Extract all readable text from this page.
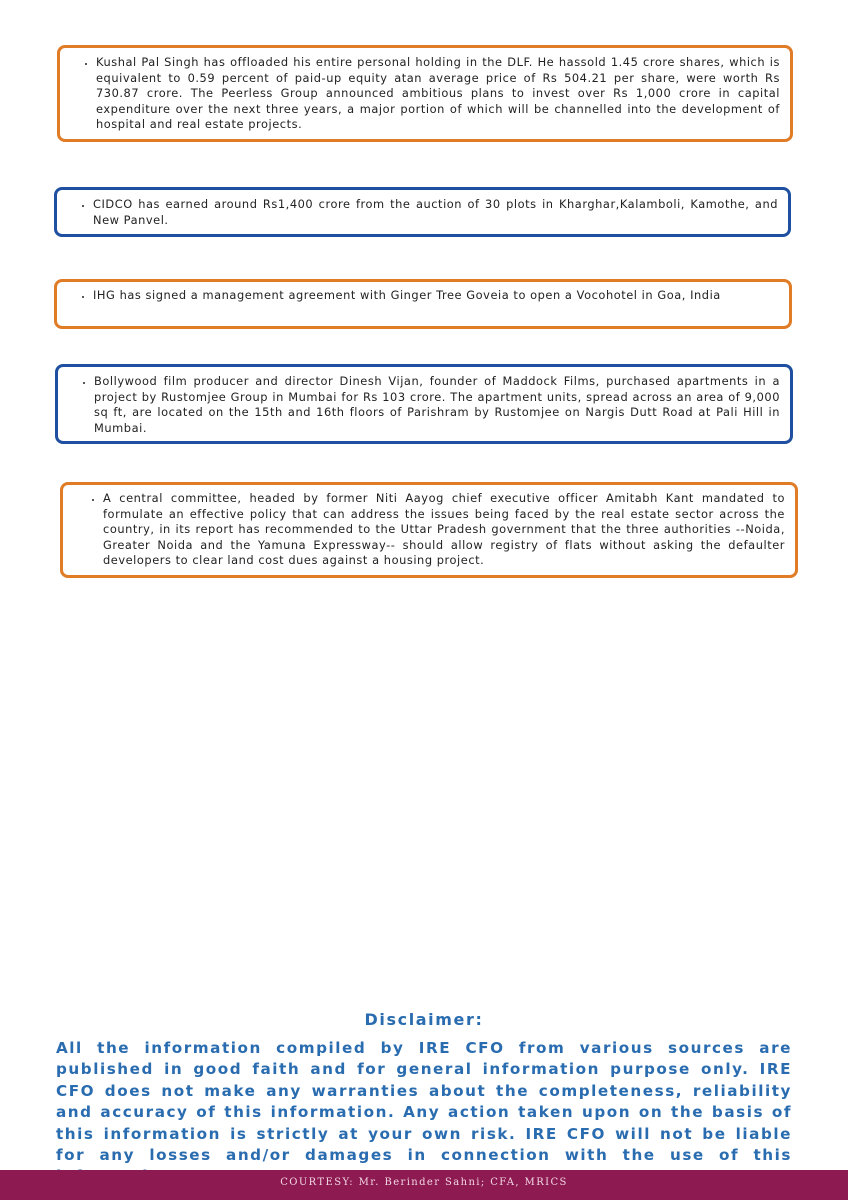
• Kushal Pal Singh has offloaded his entire personal holding in the DLF. He hassold 1.45 crore shares, which is equivalent to 0.59 percent of paid-up equity atan average price of Rs 504.21 per share, were worth Rs 730.87 crore. The Peerless Group announced ambitious plans to invest over Rs 1,000 crore in capital expenditure over the next three years, a major portion of which will be channelled into the development of hospital and real estate projects.
• CIDCO has earned around Rs1,400 crore from the auction of 30 plots in Kharghar,Kalamboli, Kamothe, and New Panvel.
• IHG has signed a management agreement with Ginger Tree Goveia to open a Vocohotel in Goa, India
• Bollywood film producer and director Dinesh Vijan, founder of Maddock Films, purchased apartments in a project by Rustomjee Group in Mumbai for Rs 103 crore. The apartment units, spread across an area of 9,000 sq ft, are located on the 15th and 16th floors of Parishram by Rustomjee on Nargis Dutt Road at Pali Hill in Mumbai.
• A central committee, headed by former Niti Aayog chief executive officer Amitabh Kant mandated to formulate an effective policy that can address the issues being faced by the real estate sector across the country, in its report has recommended to the Uttar Pradesh government that the three authorities --Noida, Greater Noida and the Yamuna Expressway-- should allow registry of flats without asking the defaulter developers to clear land cost dues against a housing project.
Disclaimer:
All the information compiled by IRE CFO from various sources are published in good faith and for general information purpose only. IRE CFO does not make any warranties about the completeness, reliability and accuracy of this information. Any action taken upon on the basis of this information is strictly at your own risk. IRE CFO will not be liable for any losses and/or damages in connection with the use of this
COURTESY: Mr. Berinder Sahni; CFA, MRICS
